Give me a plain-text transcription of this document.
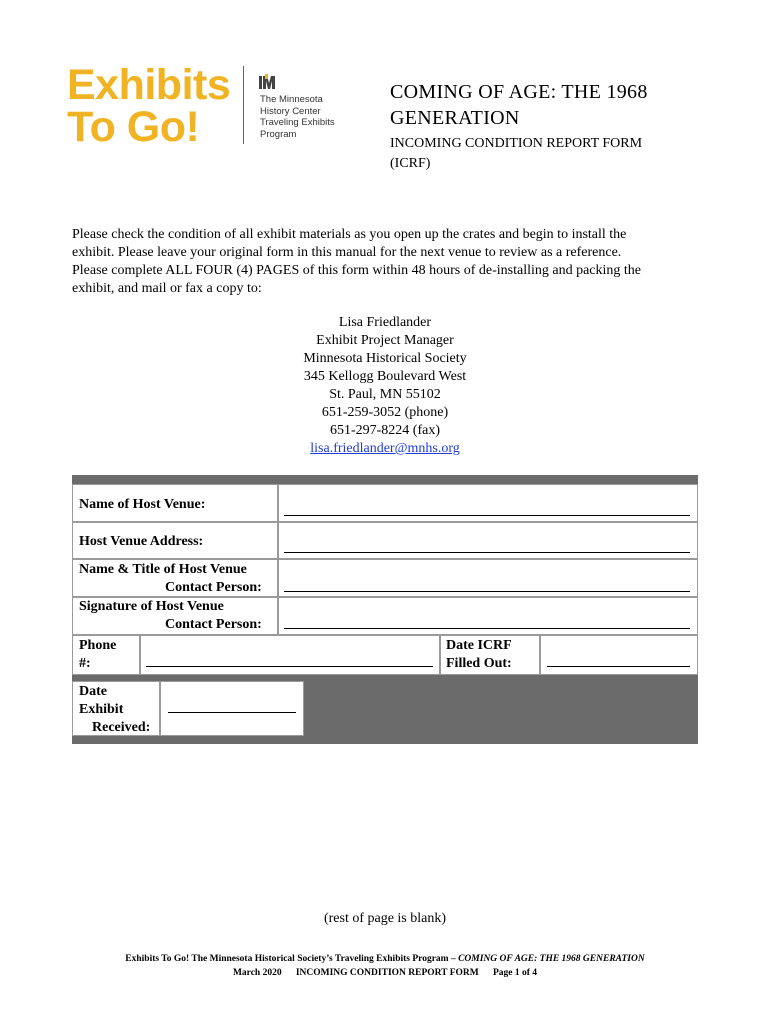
Exhibits
To Go!
The Minnesota
History Center
Traveling Exhibits
Program
COMING OF AGE: THE 1968
GENERATION
INCOMING CONDITION REPORT FORM
(ICRF)
Please check the condition of all exhibit materials as you open up the crates and begin to install the
exhibit. Please leave your original form in this manual for the next venue to review as a reference.
Please complete ALL FOUR (4) PAGES of this form within 48 hours of de-installing and packing the
exhibit, and mail or fax a copy to:
Lisa Friedlander
Exhibit Project Manager
Minnesota Historical Society
345 Kellogg Boulevard West
St. Paul, MN 55102
651-259-3052 (phone)
651-297-8224 (fax)
lisa.friedlander@mnhs.org
Name of Host Venue:
Host Venue Address:
Name & Title of Host Venue
Contact Person:
Signature of Host Venue
Contact Person:
Phone
#:
Date ICRF
Filled Out:
Date
Exhibit
Received:
(rest of page is blank)
Exhibits To Go! The Minnesota Historical Society’s Traveling Exhibits Program – COMING OF AGE: THE 1968 GENERATION
March 2020      INCOMING CONDITION REPORT FORM      Page 1 of 4
